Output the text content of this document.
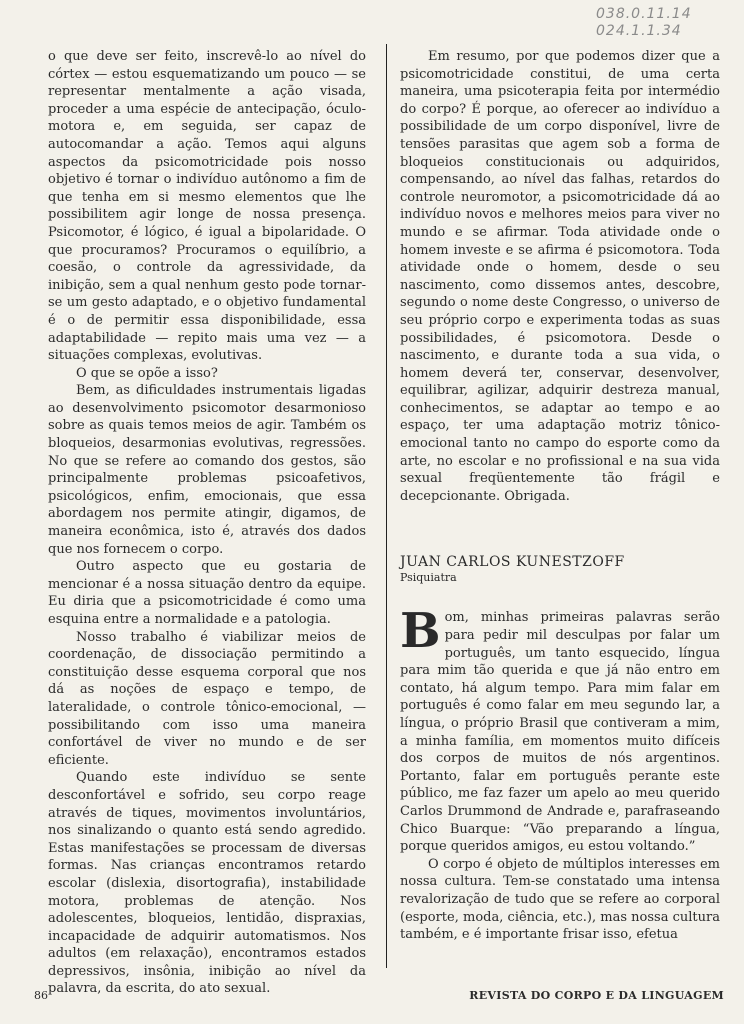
038.0.11.14
024.1.1.34

o que deve ser feito, inscrevê-lo ao nível do córtex — estou esquematizando um pouco — se representar mentalmente a ação visada, proceder a uma espécie de antecipação, óculo-motora e, em seguida, ser capaz de autocomandar a ação. Temos aqui alguns aspectos da psicomotricidade pois nosso objetivo é tornar o indivíduo autônomo a fim de que tenha em si mesmo elementos que lhe possibilitem agir longe de nossa presença. Psicomotor, é lógico, é igual a bipolaridade. O que procuramos? Procuramos o equilíbrio, a coesão, o controle da agressividade, da inibição, sem a qual nenhum gesto pode tornar-se um gesto adaptado, e o objetivo fundamental é o de permitir essa disponibilidade, essa adaptabilidade — repito mais uma vez — a situações complexas, evolutivas.

O que se opõe a isso?

Bem, as dificuldades instrumentais ligadas ao desenvolvimento psicomotor desarmonioso sobre as quais temos meios de agir. Também os bloqueios, desarmonias evolutivas, regressões. No que se refere ao comando dos gestos, são principalmente problemas psicoafetivos, psicológicos, enfim, emocionais, que essa abordagem nos permite atingir, digamos, de maneira econômica, isto é, através dos dados que nos fornecem o corpo.

Outro aspecto que eu gostaria de mencionar é a nossa situação dentro da equipe. Eu diria que a psicomotricidade é como uma esquina entre a normalidade e a patologia.

Nosso trabalho é viabilizar meios de coordenação, de dissociação permitindo a constituição desse esquema corporal que nos dá as noções de espaço e tempo, de lateralidade, o controle tônico-emocional, — possibilitando com isso uma maneira confortável de viver no mundo e de ser eficiente.

Quando este indivíduo se sente desconfortável e sofrido, seu corpo reage através de tiques, movimentos involuntários, nos sinalizando o quanto está sendo agredido. Estas manifestações se processam de diversas formas. Nas crianças encontramos retardo escolar (dislexia, disortografia), instabilidade motora, problemas de atenção. Nos adolescentes, bloqueios, lentidão, dispraxias, incapacidade de adquirir automatismos. Nos adultos (em relaxação), encontramos estados depressivos, insônia, inibição ao nível da palavra, da escrita, do ato sexual.

Em resumo, por que podemos dizer que a psicomotricidade constitui, de uma certa maneira, uma psicoterapia feita por intermédio do corpo? É porque, ao oferecer ao indivíduo a possibilidade de um corpo disponível, livre de tensões parasitas que agem sob a forma de bloqueios constitucionais ou adquiridos, compensando, ao nível das falhas, retardos do controle neuromotor, a psicomotricidade dá ao indivíduo novos e melhores meios para viver no mundo e se afirmar. Toda atividade onde o homem investe e se afirma é psicomotora. Toda atividade onde o homem, desde o seu nascimento, como dissemos antes, descobre, segundo o nome deste Congresso, o universo de seu próprio corpo e experimenta todas as suas possibilidades, é psicomotora. Desde o nascimento, e durante toda a sua vida, o homem deverá ter, conservar, desenvolver, equilibrar, agilizar, adquirir destreza manual, conhecimentos, se adaptar ao tempo e ao espaço, ter uma adaptação motriz tônico-emocional tanto no campo do esporte como da arte, no escolar e no profissional e na sua vida sexual freqüentemente tão frágil e decepcionante. Obrigada.

JUAN CARLOS KUNESTZOFF
Psiquiatra

Bom, minhas primeiras palavras serão para pedir mil desculpas por falar um português, um tanto esquecido, língua para mim tão querida e que já não entro em contato, há algum tempo. Para mim falar em português é como falar em meu segundo lar, a língua, o próprio Brasil que contiveram a mim, a minha família, em momentos muito difíceis dos corpos de muitos de nós argentinos. Portanto, falar em português perante este público, me faz fazer um apelo ao meu querido Carlos Drummond de Andrade e, parafraseando Chico Buarque: “Vão preparando a língua, porque queridos amigos, eu estou voltando.”

O corpo é objeto de múltiplos interesses em nossa cultura. Tem-se constatado uma intensa revalorização de tudo que se refere ao corporal (esporte, moda, ciência, etc.), mas nossa cultura também, e é importante frisar isso, efetua

86	REVISTA DO CORPO E DA LINGUAGEM
